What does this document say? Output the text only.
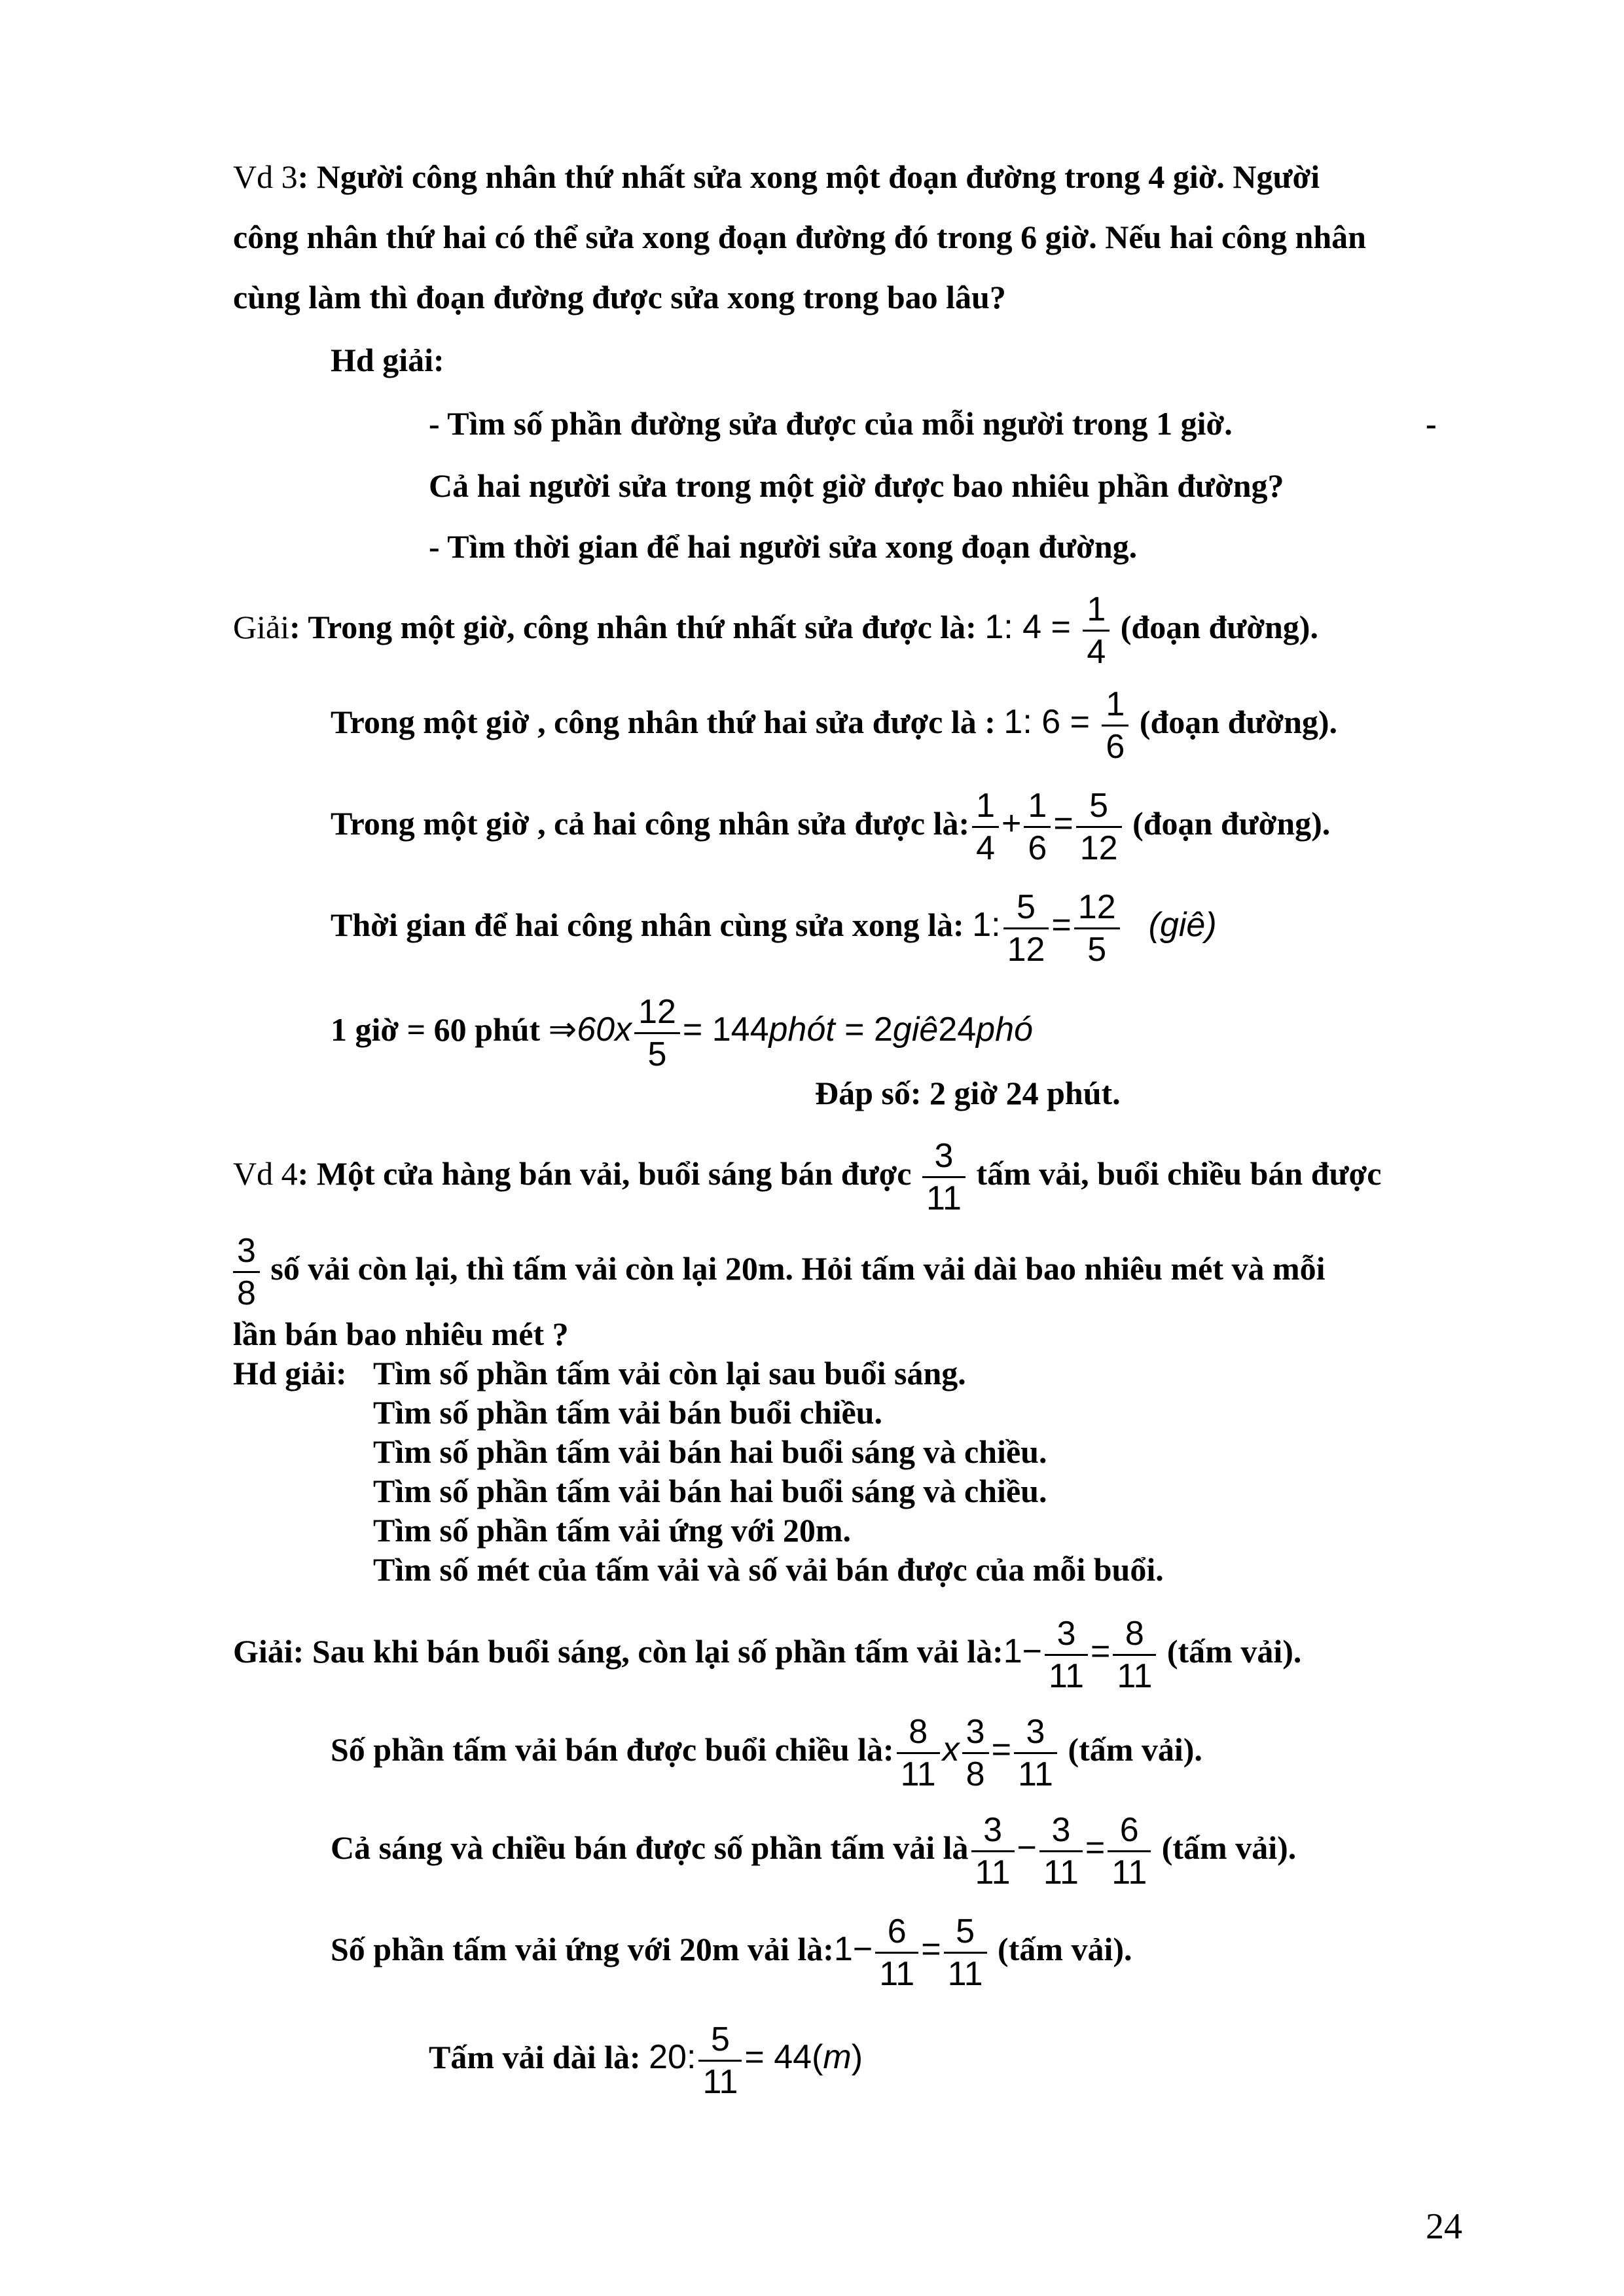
Vd 3: Người công nhân thứ nhất sửa xong một đoạn đường trong 4 giờ. Người
công nhân thứ hai có thể sửa xong đoạn đường đó trong 6 giờ. Nếu hai công nhân
cùng làm thì đoạn đường được sửa xong trong bao lâu?
Hd giải:
- Tìm số phần đường sửa được của mỗi người trong 1 giờ.	-
Cả hai người sửa trong một giờ được bao nhiêu phần đường?
- Tìm thời gian để hai người sửa xong đoạn đường.
Giải: Trong một giờ, công nhân thứ nhất sửa được là: 1: $4 = \frac{1}{4}$ (đoạn đường).
Trong một giờ , công nhân thứ hai sửa được là : 1: $6 = \frac{1}{6}$ (đoạn đường).
Trong một giờ , cả hai công nhân sửa được là: $\frac{1}{4} + \frac{1}{6} = \frac{5}{12}$ (đoạn đường).
Thời gian để hai công nhân cùng sửa xong là: 1: $\frac{5}{12} = \frac{12}{5}$ (giê)
1 giờ = 60 phút ⇒60x $\frac{12}{5}$ = 144phót = 2giê24phó
Đáp số: 2 giờ 24 phút.
Vd 4: Một cửa hàng bán vải, buổi sáng bán được $\frac{3}{11}$ tấm vải, buổi chiều bán được
$\frac{3}{8}$ số vải còn lại, thì tấm vải còn lại 20m. Hỏi tấm vải dài bao nhiêu mét và mỗi
lần bán bao nhiêu mét ?
Hd giải: Tìm số phần tấm vải còn lại sau buổi sáng.
Tìm số phần tấm vải bán buổi chiều.
Tìm số phần tấm vải bán hai buổi sáng và chiều.
Tìm số phần tấm vải bán hai buổi sáng và chiều.
Tìm số phần tấm vải ứng với 20m.
Tìm số mét của tấm vải và số vải bán được của mỗi buổi.
Giải: Sau khi bán buổi sáng, còn lại số phần tấm vải là:1− $\frac{3}{11} = \frac{8}{11}$ (tấm vải).
Số phần tấm vải bán được buổi chiều là: $\frac{8}{11}$ x $\frac{3}{8} = \frac{3}{11}$ (tấm vải).
Cả sáng và chiều bán được số phần tấm vải là $\frac{3}{11} - \frac{3}{11} = \frac{6}{11}$ (tấm vải).
Số phần tấm vải ứng với 20m vải là:1− $\frac{6}{11} = \frac{5}{11}$ (tấm vải).
Tấm vải dài là: 20: $\frac{5}{11} = 44(m)$
24
